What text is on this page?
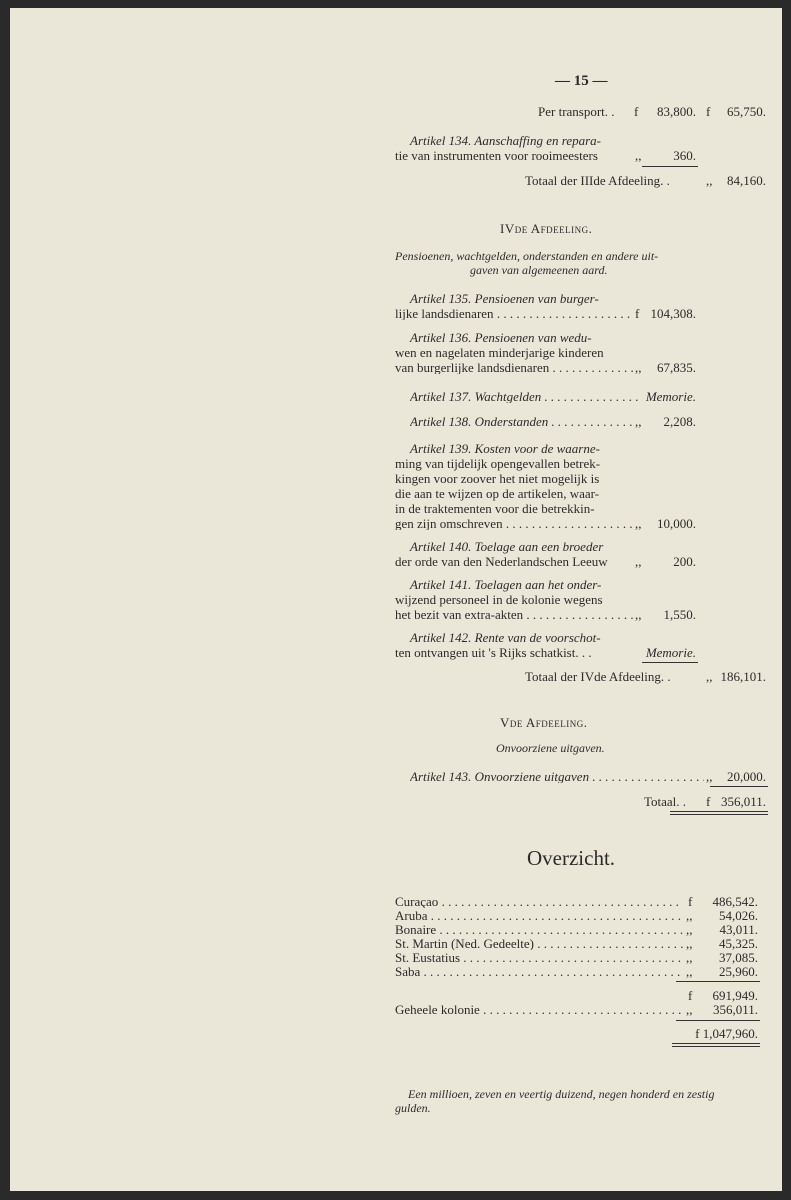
— 15 —
Per transport. . f	83,800. f	65,750.
Artikel 134. Aanschaffing en repara-
tie van instrumenten voor rooimeesters	,,	360.
Totaal der IIIde Afdeeling. .	,,	84,160.
IVde Afdeeling.
Pensioenen, wachtgelden, onderstanden en andere uit-
gaven van algemeenen aard.
Artikel 135. Pensioenen van burger-
lijke landsdienaren . . .	f 104,308.
Artikel 136. Pensioenen van wedu-
wen en nagelaten minderjarige kinderen
van burgerlijke landsdienaren . . .	,,	67,835.
Artikel 137. Wachtgelden . . .	Memorie.
Artikel 138. Onderstanden . . .	,,	2,208.
Artikel 139. Kosten voor de waarne-
ming van tijdelijk opengevallen betrek-
kingen voor zoover het niet mogelijk is
die aan te wijzen op de artikelen, waar-
in de traktementen voor die betrekkin-
gen zijn omschreven . . .	,,	10,000.
Artikel 140. Toelage aan een broeder
der orde van den Nederlandschen Leeuw ,,	200.
Artikel 141. Toelagen aan het onder-
wijzend personeel in de kolonie wegens
het bezit van extra-akten . . .	,,	1,550.
Artikel 142. Rente van de voorschot-
ten ontvangen uit 's Rijks schatkist. . .	Memorie.
Totaal der IVde Afdeeling. .	,, 186,101.
Vde Afdeeling.
Onvoorziene uitgaven.
Artikel 143. Onvoorziene uitgaven . . .	,,	20,000.
Totaal. . f 356,011.
Overzicht.
Curaçao . . .	f	486,542.
Aruba . . .	,,	54,026.
Bonaire . . .	,,	43,011.
St. Martin (Ned. Gedeelte) . . .	,,	45,325.
St. Eustatius . . .	,,	37,085.
Saba . . .	,,	25,960.
f	691,949.
Geheele kolonie . . .	,,	356,011.
f 1,047,960.
Een millioen, zeven en veertig duizend, negen honderd en zestig
gulden.
